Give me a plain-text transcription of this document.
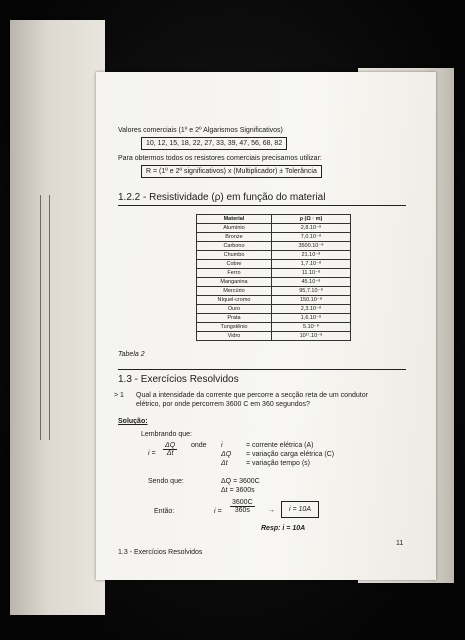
Valores comerciais (1º e 2º Algarismos Significativos)
10, 12, 15, 18, 22, 27, 33, 39, 47, 56, 68, 82
Para obtermos todos os resistores comerciais precisamos utilizar:
R = (1º e 2º significativos) x (Multiplicador) ± Tolerância
1.2.2 - Resistividade (ρ) em função do material
Material	ρ (Ω · m)
Alumínio	2,8.10⁻⁸
Bronze	7,0.10⁻⁸
Carbono	3500.10⁻⁸
Chumbo	21.10⁻⁸
Cobre	1,7.10⁻⁸
Ferro	11.10⁻⁸
Manganina	45.10⁻⁸
Mercúrio	95,7.10⁻⁸
Níquel-cromo	150.10⁻⁸
Ouro	2,3.10⁻⁸
Prata	1,6.10⁻⁸
Tungstênio	5.10⁻⁸
Vidro	10¹⁷.10⁻⁸
Tabela 2
1.3 - Exercícios Resolvidos
> 1 Qual a intensidade da corrente que percorre a secção reta de um condutor
elétrico, por onde percorrem 3600 C em 360 segundos?
Solução:
Lembrando que:
$i = \frac{\Delta Q}{\Delta t}$ onde i	= corrente elétrica (A)
ΔQ = variação carga elétrica (C)
Δt	= variação tempo (s)
Sendo que:	ΔQ = 3600C
Δt = 3600s
Então:	$i = \frac{3600C}{360s}$ →	i = 10A
Resp: i = 10A
1.3 - Exercícios Resolvidos
11
